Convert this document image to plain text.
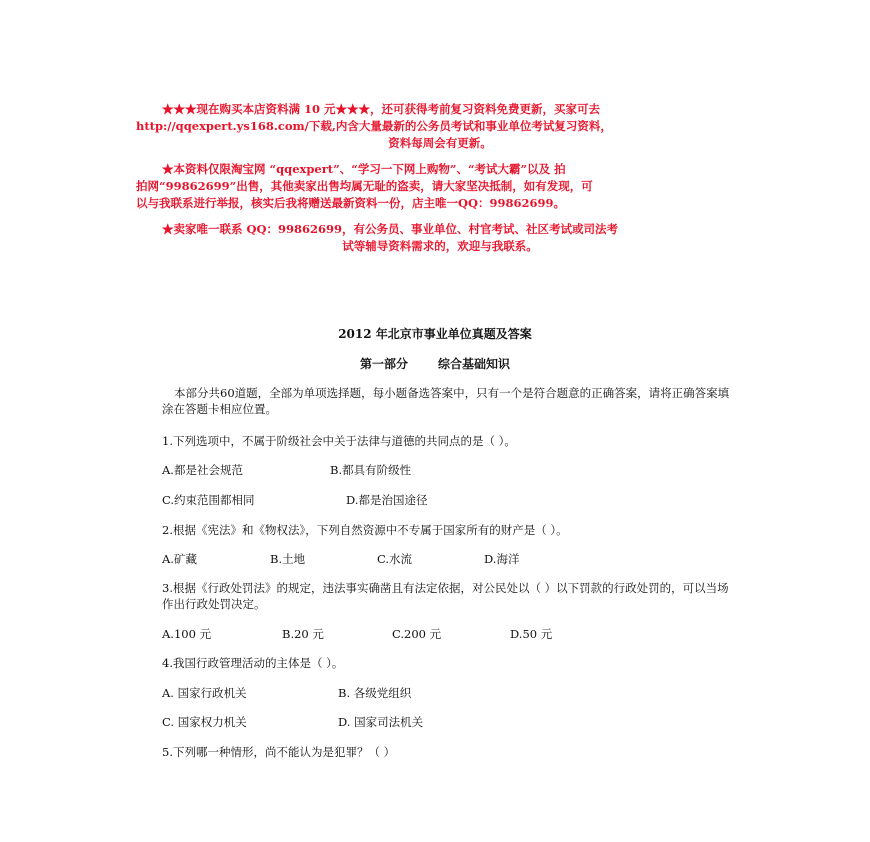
★★★现在购买本店资料满 10 元★★★，还可获得考前复习资料免费更新，买家可去

http://qqexpert.ys168.com/下载,内含大量最新的公务员考试和事业单位考试复习资料，

资料每周会有更新。

★本资料仅限淘宝网 “qqexpert”、“学习一下网上购物”、“考试大霸”以及 拍

拍网“99862699”出售，其他卖家出售均属无耻的盗卖，请大家坚决抵制，如有发现，可

以与我联系进行举报，核实后我将赠送最新资料一份，店主唯一QQ：99862699。

★卖家唯一联系 QQ：99862699，有公务员、事业单位、村官考试、社区考试或司法考

试等辅导资料需求的，欢迎与我联系。

2012 年北京市事业单位真题及答案
第一部分	综合基础知识
本部分共60道题，全部为单项选择题，每小题备选答案中，只有一个是符合题意的正确答案，请将正确答案填涂在答题卡相应位置。
1.下列选项中，不属于阶级社会中关于法律与道德的共同点的是（ ）。
A.都是社会规范	B.都具有阶级性
C.约束范围都相同	D.都是治国途径
2.根据《宪法》和《物权法》，下列自然资源中不专属于国家所有的财产是（ ）。
A.矿藏	B.土地	C.水流	D.海洋
3.根据《行政处罚法》的规定，违法事实确凿且有法定依据，对公民处以（ ）以下罚款的行政处罚的，可以当场作出行政处罚决定。
A.100 元	B.20 元	C.200 元	D.50 元
4.我国行政管理活动的主体是（ ）。
A. 国家行政机关	B. 各级党组织
C. 国家权力机关	D. 国家司法机关
5.下列哪一种情形，尚不能认为是犯罪？（ ）
